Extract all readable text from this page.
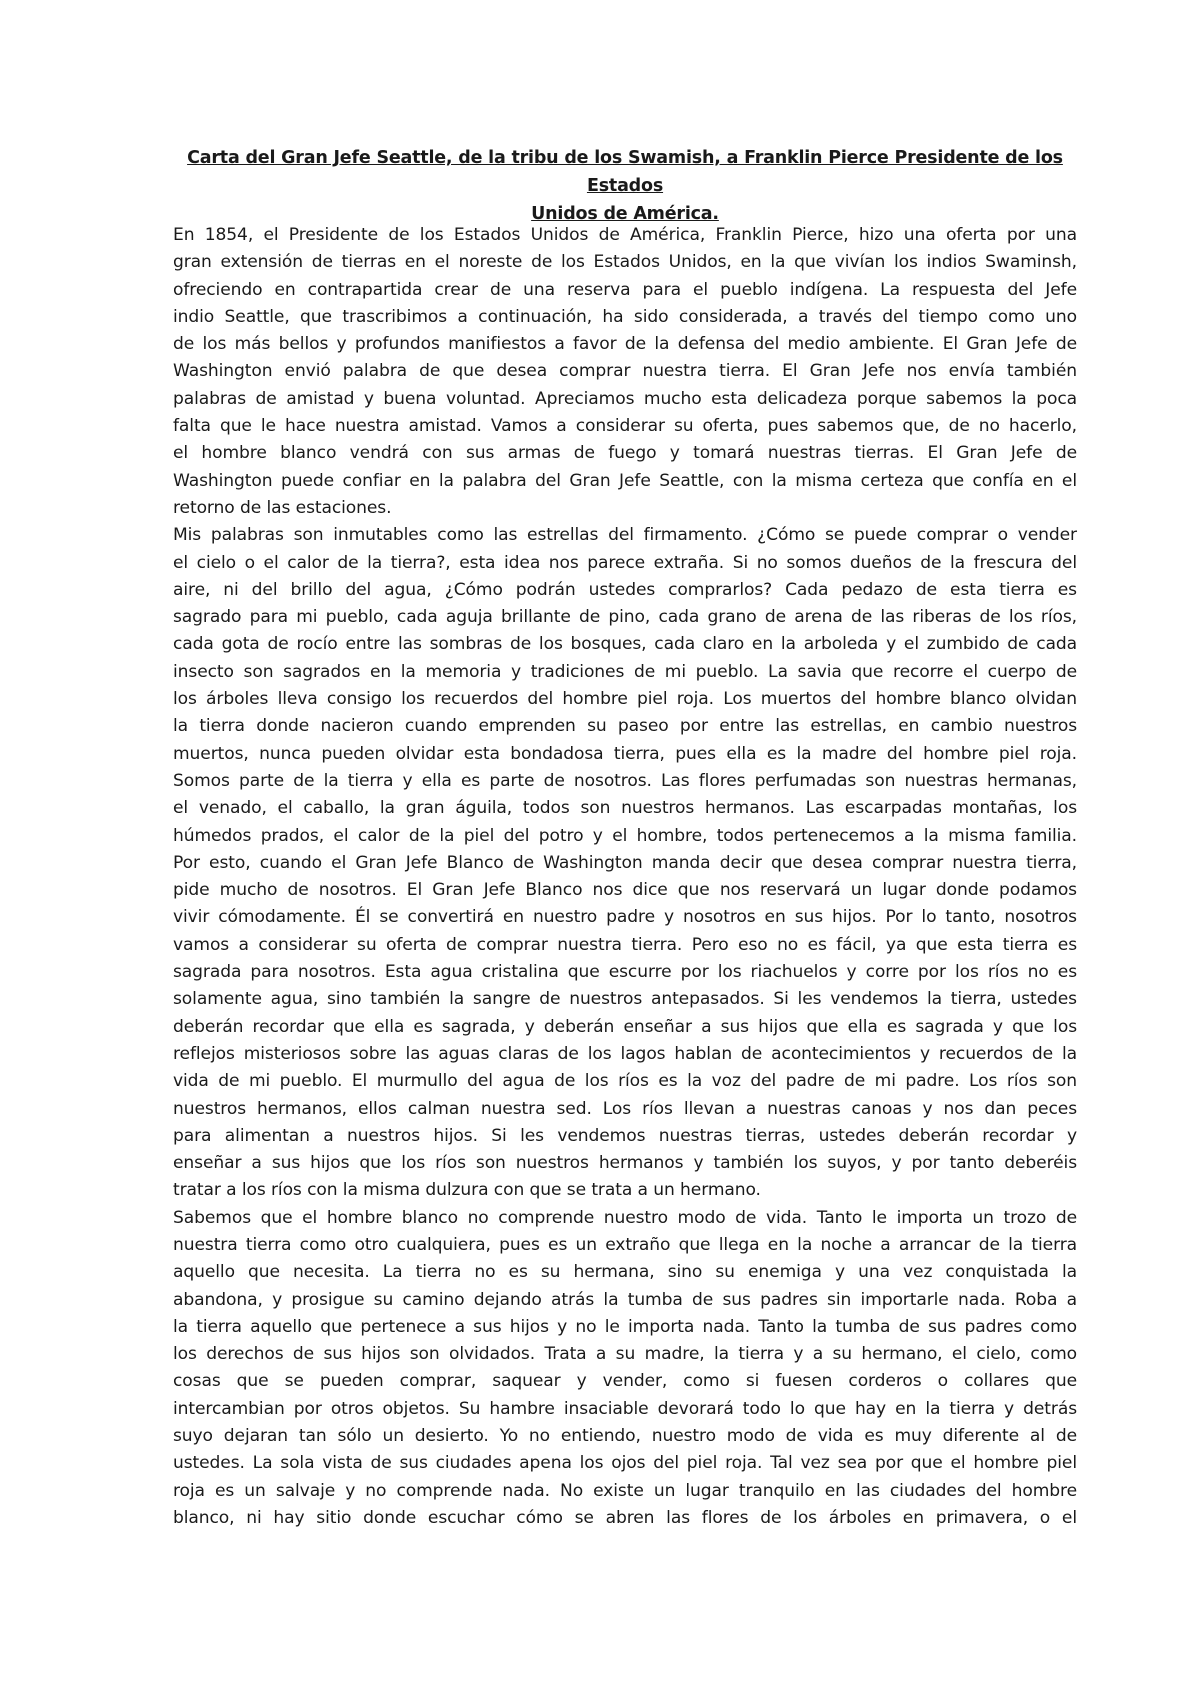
Carta del Gran Jefe Seattle, de la tribu de los Swamish, a Franklin Pierce Presidente de los Estados
Unidos de América.
En 1854, el Presidente de los Estados Unidos de América, Franklin Pierce, hizo una oferta por una
gran extensión de tierras en el noreste de los Estados Unidos, en la que vivían los indios Swaminsh,
ofreciendo en contrapartida crear de una reserva para el pueblo indígena. La respuesta del Jefe
indio Seattle, que trascribimos a continuación, ha sido considerada, a través del tiempo como uno
de los más bellos y profundos manifiestos a favor de la defensa del medio ambiente. El Gran Jefe de
Washington envió palabra de que desea comprar nuestra tierra. El Gran Jefe nos envía también
palabras de amistad y buena voluntad. Apreciamos mucho esta delicadeza porque sabemos la poca
falta que le hace nuestra amistad. Vamos a considerar su oferta, pues sabemos que, de no hacerlo,
el hombre blanco vendrá con sus armas de fuego y tomará nuestras tierras. El Gran Jefe de
Washington puede confiar en la palabra del Gran Jefe Seattle, con la misma certeza que confía en el
retorno de las estaciones.
Mis palabras son inmutables como las estrellas del firmamento. ¿Cómo se puede comprar o vender
el cielo o el calor de la tierra?, esta idea nos parece extraña. Si no somos dueños de la frescura del
aire, ni del brillo del agua, ¿Cómo podrán ustedes comprarlos? Cada pedazo de esta tierra es
sagrado para mi pueblo, cada aguja brillante de pino, cada grano de arena de las riberas de los ríos,
cada gota de rocío entre las sombras de los bosques, cada claro en la arboleda y el zumbido de cada
insecto son sagrados en la memoria y tradiciones de mi pueblo. La savia que recorre el cuerpo de
los árboles lleva consigo los recuerdos del hombre piel roja. Los muertos del hombre blanco olvidan
la tierra donde nacieron cuando emprenden su paseo por entre las estrellas, en cambio nuestros
muertos, nunca pueden olvidar esta bondadosa tierra, pues ella es la madre del hombre piel roja.
Somos parte de la tierra y ella es parte de nosotros. Las flores perfumadas son nuestras hermanas,
el venado, el caballo, la gran águila, todos son nuestros hermanos. Las escarpadas montañas, los
húmedos prados, el calor de la piel del potro y el hombre, todos pertenecemos a la misma familia.
Por esto, cuando el Gran Jefe Blanco de Washington manda decir que desea comprar nuestra tierra,
pide mucho de nosotros. El Gran Jefe Blanco nos dice que nos reservará un lugar donde podamos
vivir cómodamente. Él se convertirá en nuestro padre y nosotros en sus hijos. Por lo tanto, nosotros
vamos a considerar su oferta de comprar nuestra tierra. Pero eso no es fácil, ya que esta tierra es
sagrada para nosotros. Esta agua cristalina que escurre por los riachuelos y corre por los ríos no es
solamente agua, sino también la sangre de nuestros antepasados. Si les vendemos la tierra, ustedes
deberán recordar que ella es sagrada, y deberán enseñar a sus hijos que ella es sagrada y que los
reflejos misteriosos sobre las aguas claras de los lagos hablan de acontecimientos y recuerdos de la
vida de mi pueblo. El murmullo del agua de los ríos es la voz del padre de mi padre. Los ríos son
nuestros hermanos, ellos calman nuestra sed. Los ríos llevan a nuestras canoas y nos dan peces
para alimentan a nuestros hijos. Si les vendemos nuestras tierras, ustedes deberán recordar y
enseñar a sus hijos que los ríos son nuestros hermanos y también los suyos, y por tanto deberéis
tratar a los ríos con la misma dulzura con que se trata a un hermano.
Sabemos que el hombre blanco no comprende nuestro modo de vida. Tanto le importa un trozo de
nuestra tierra como otro cualquiera, pues es un extraño que llega en la noche a arrancar de la tierra
aquello que necesita. La tierra no es su hermana, sino su enemiga y una vez conquistada la
abandona, y prosigue su camino dejando atrás la tumba de sus padres sin importarle nada. Roba a
la tierra aquello que pertenece a sus hijos y no le importa nada. Tanto la tumba de sus padres como
los derechos de sus hijos son olvidados. Trata a su madre, la tierra y a su hermano, el cielo, como
cosas que se pueden comprar, saquear y vender, como si fuesen corderos o collares que
intercambian por otros objetos. Su hambre insaciable devorará todo lo que hay en la tierra y detrás
suyo dejaran tan sólo un desierto. Yo no entiendo, nuestro modo de vida es muy diferente al de
ustedes. La sola vista de sus ciudades apena los ojos del piel roja. Tal vez sea por que el hombre piel
roja es un salvaje y no comprende nada. No existe un lugar tranquilo en las ciudades del hombre
blanco, ni hay sitio donde escuchar cómo se abren las flores de los árboles en primavera, o el
